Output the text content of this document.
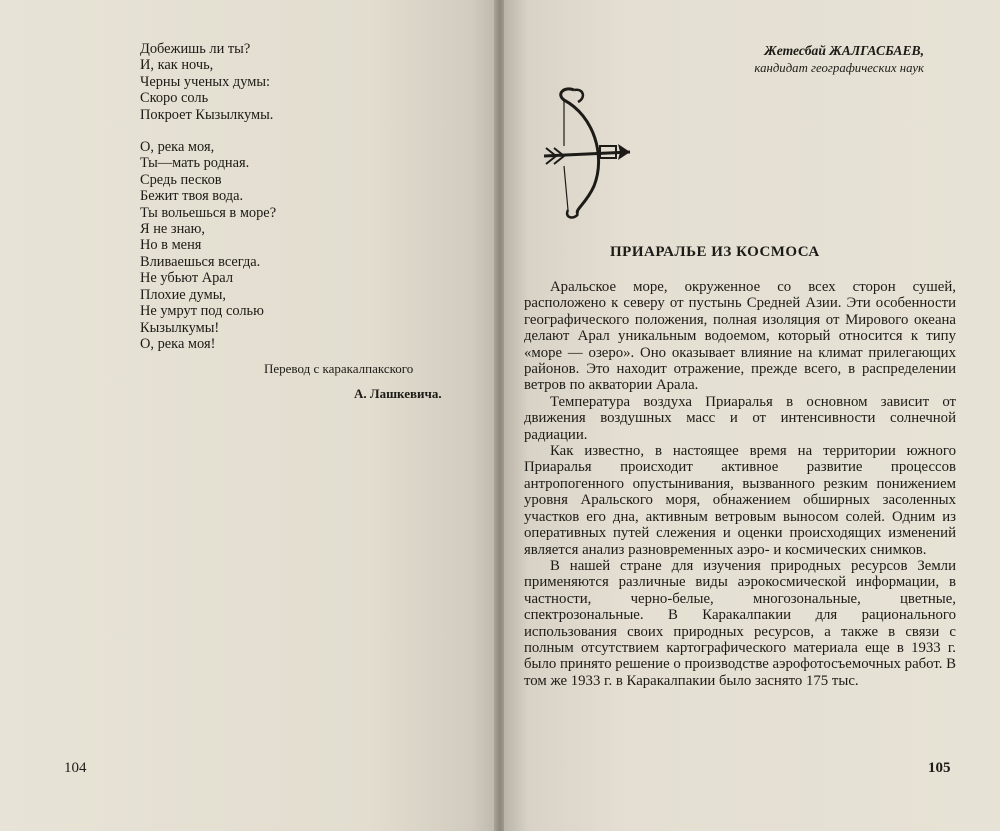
Добежишь ли ты?
И, как ночь,
Черны ученых думы:
Скоро соль
Покроет Кызылкумы.
О, река моя,
Ты—мать родная.
Средь песков
Бежит твоя вода.
Ты вольешься в море?
Я не знаю,
Но в меня
Вливаешься всегда.
Не убьют Арал
Плохие думы,
Не умрут под солью
Кызылкумы!
О, река моя!
Перевод с каракалпакского
А. Лашкевича.
104
Жетесбай ЖАЛГАСБАЕВ,
кандидат географических наук
ПРИАРАЛЬЕ ИЗ КОСМОСА

Аральское море, окруженное со всех сторон сушей, расположено к северу от пустынь Средней Азии. Эти особенности географического положения, полная изоляция от Мирового океана делают Арал уникальным водоемом, который относится к типу «море — озеро». Оно оказывает влияние на климат прилегающих районов. Это находит отражение, прежде всего, в распределении ветров по акватории Арала.

Температура воздуха Приаралья в основном зависит от движения воздушных масс и от интенсивности солнечной радиации.

Как известно, в настоящее время на территории южного Приаралья происходит активное развитие процессов антропогенного опустынивания, вызванного резким понижением уровня Аральского моря, обнажением обширных засоленных участков его дна, активным ветровым выносом солей. Одним из оперативных путей слежения и оценки происходящих изменений является анализ разновременных аэро- и космических снимков.

В нашей стране для изучения природных ресурсов Земли применяются различные виды аэрокосмической информации, в частности, черно-белые, многозональные, цветные, спектрозональные. В Каракалпакии для рационального использования своих природных ресурсов, а также в связи с полным отсутствием картографического материала еще в 1933 г. было принято решение о производстве аэрофотосъемочных работ. В том же 1933 г. в Каракалпакии было заснято 175 тыс.

105
